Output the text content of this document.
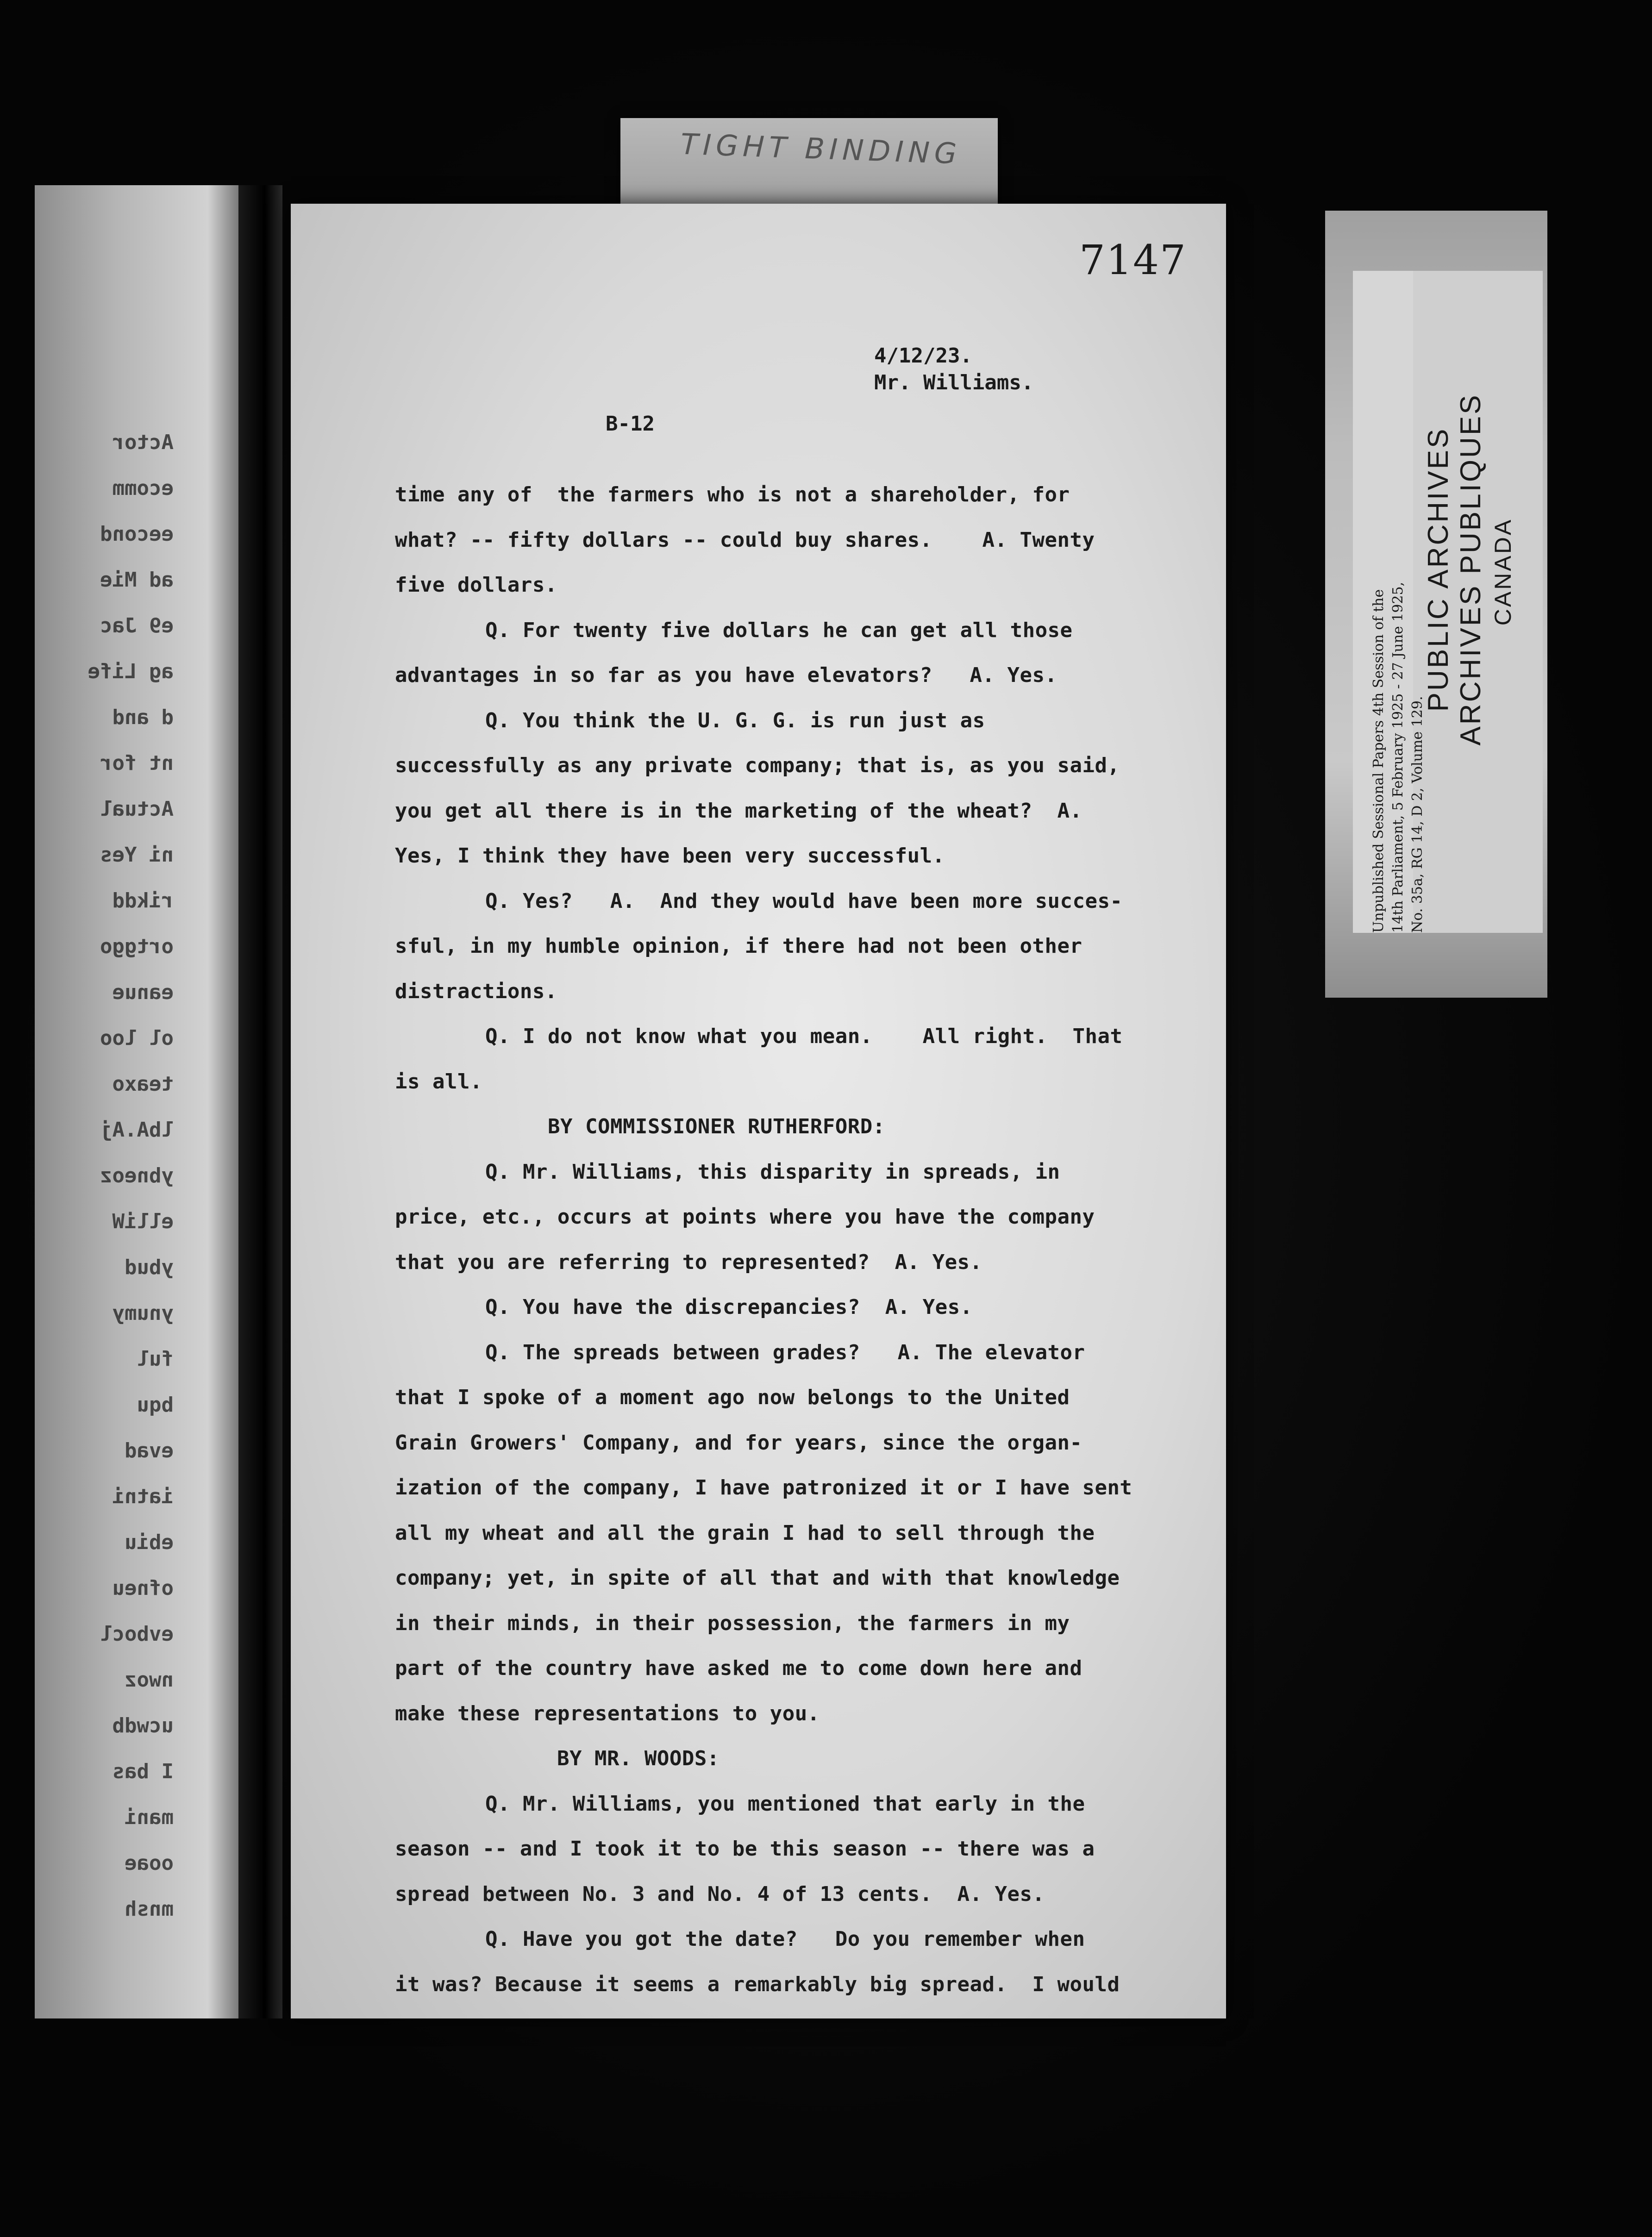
TIGHT BINDING
Actor
ecomm
eecond
ad Mie
e9 Jac
ag Life
d and
nt for
Actual
ni Yes
rikdd
ortggo
eanue
ol loo
teaxo
lbA.Aj
ybneoz
elliW
ybud
ynumy
ful
bqu
evad
iatni
ebiu
ofneu
evbocl
nwoz
ucwdb
I bas
mani
ooae
mnsh
7147
4/12/23.
Mr. Williams.
B-12
time any of  the farmers who is not a shareholder, for
what? -- fifty dollars -- could buy shares.    A. Twenty
five dollars.
Q. For twenty five dollars he can get all those
advantages in so far as you have elevators?   A. Yes.
Q. You think the U. G. G. is run just as
successfully as any private company; that is, as you said,
you get all there is in the marketing of the wheat?  A.
Yes, I think they have been very successful.
Q. Yes?   A.  And they would have been more succes-
sful, in my humble opinion, if there had not been other
distractions.
Q. I do not know what you mean.    All right.  That
is all.
BY COMMISSIONER RUTHERFORD:
Q. Mr. Williams, this disparity in spreads, in
price, etc., occurs at points where you have the company
that you are referring to represented?  A. Yes.
Q. You have the discrepancies?  A. Yes.
Q. The spreads between grades?   A. The elevator
that I spoke of a moment ago now belongs to the United
Grain Growers' Company, and for years, since the organ-
ization of the company, I have patronized it or I have sent
all my wheat and all the grain I had to sell through the
company; yet, in spite of all that and with that knowledge
in their minds, in their possession, the farmers in my
part of the country have asked me to come down here and
make these representations to you.
BY MR. WOODS:
Q. Mr. Williams, you mentioned that early in the
season -- and I took it to be this season -- there was a
spread between No. 3 and No. 4 of 13 cents.  A. Yes.
Q. Have you got the date?   Do you remember when
it was? Because it seems a remarkably big spread.  I would
Unpublished Sessional Papers 4th Session of the 14th Parliament, 5 February 1925 - 27 June 1925, No. 35a, RG 14, D 2, Volume 129.
PUBLIC ARCHIVES ARCHIVES PUBLIQUES CANADA
